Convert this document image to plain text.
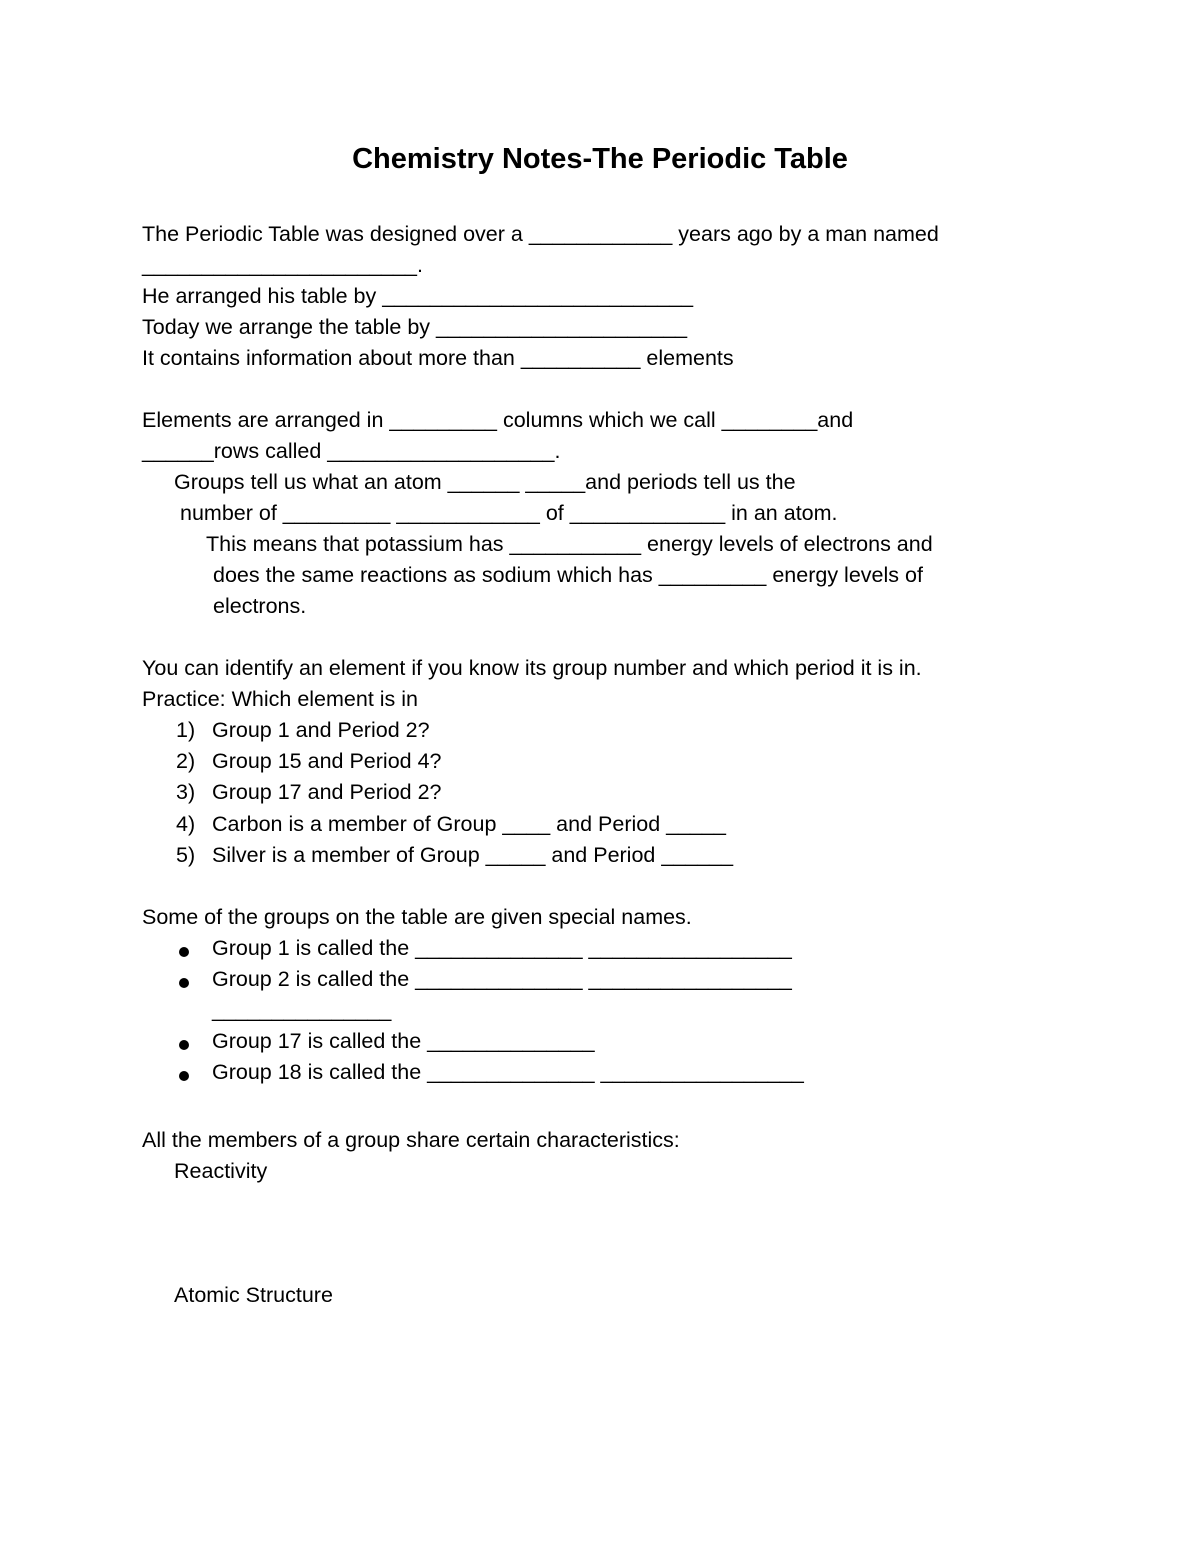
Chemistry Notes-The Periodic Table
The Periodic Table was designed over a ____________ years ago by a man named
_______________________.
He arranged his table by __________________________
Today we arrange the table by _____________________
It contains information about more than __________ elements
Elements are arranged in _________ columns which we call ________and
______rows called ___________________.
Groups tell us what an atom ______ _____and periods tell us the
number of _________ ____________ of _____________ in an atom.
This means that potassium has ___________ energy levels of electrons and
does the same reactions as sodium which has _________ energy levels of
electrons.
You can identify an element if you know its group number and which period it is in.
Practice: Which element is in
1) Group 1 and Period 2?
2) Group 15 and Period 4?
3) Group 17 and Period 2?
4) Carbon is a member of Group ____ and Period _____
5) Silver is a member of Group _____ and Period ______
Some of the groups on the table are given special names.
Group 1 is called the ______________ _________________
Group 2 is called the ______________ _________________
_______________
Group 17 is called the ______________
Group 18 is called the ______________ _________________
All the members of a group share certain characteristics:
Reactivity
Atomic Structure
